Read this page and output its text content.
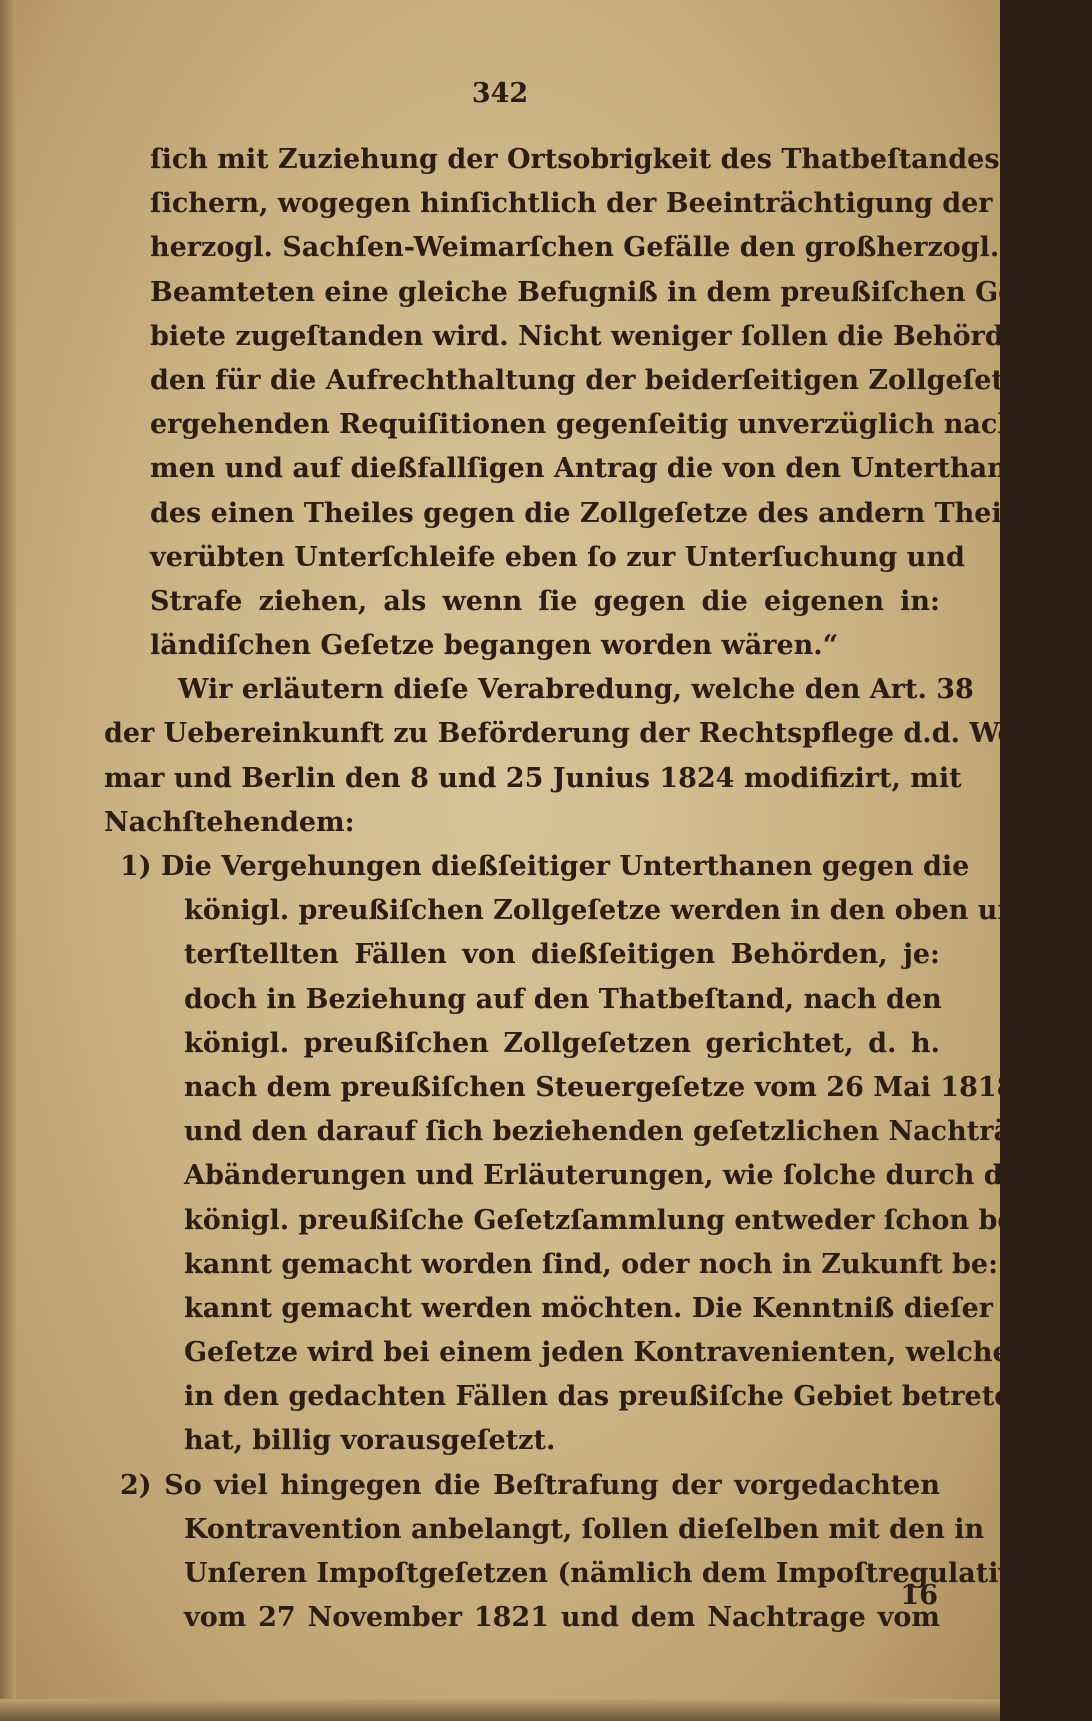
342
ſich mit Zuziehung der Ortsobrigkeit des Thatbeſtandes ver:
ſichern, wogegen hinſichtlich der Beeinträchtigung der groß:
herzogl. Sachſen-Weimarſchen Gefälle den großherzogl.
Beamteten eine gleiche Befugniß in dem preußiſchen Ge:
biete zugeſtanden wird. Nicht weniger ſollen die Behörden
den für die Aufrechthaltung der beiderſeitigen Zollgeſetze
ergehenden Requiſitionen gegenſeitig unverzüglich nachkom:
men und auf dießfallſigen Antrag die von den Unterthanen
des einen Theiles gegen die Zollgeſetze des andern Theiles
verübten Unterſchleife eben ſo zur Unterſuchung und
Strafe ziehen, als wenn ſie gegen die eigenen in:
ländiſchen Geſetze begangen worden wären.“
Wir erläutern dieſe Verabredung, welche den Art. 38
der Uebereinkunft zu Beförderung der Rechtspflege d.d. Wei:
mar und Berlin den 8 und 25 Junius 1824 modifizirt, mit
Nachſtehendem:
1) Die Vergehungen dießſeitiger Unterthanen gegen die
königl. preußiſchen Zollgeſetze werden in den oben un:
terſtellten Fällen von dießſeitigen Behörden, je:
doch in Beziehung auf den Thatbeſtand, nach den
königl. preußiſchen Zollgeſetzen gerichtet, d. h.
nach dem preußiſchen Steuergeſetze vom 26 Mai 1818
und den darauf ſich beziehenden geſetzlichen Nachträgen,
Abänderungen und Erläuterungen, wie ſolche durch die
königl. preußiſche Geſetzſammlung entweder ſchon be:
kannt gemacht worden ſind, oder noch in Zukunft be:
kannt gemacht werden möchten. Die Kenntniß dieſer
Geſetze wird bei einem jeden Kontravenienten, welcher
in den gedachten Fällen das preußiſche Gebiet betreten
hat, billig vorausgeſetzt.
2) So viel hingegen die Beſtrafung der vorgedachten
Kontravention anbelangt, ſollen dieſelben mit den in
Unſeren Impoſtgeſetzen (nämlich dem Impoſtregulative
vom 27 November 1821 und dem Nachtrage vom
16
